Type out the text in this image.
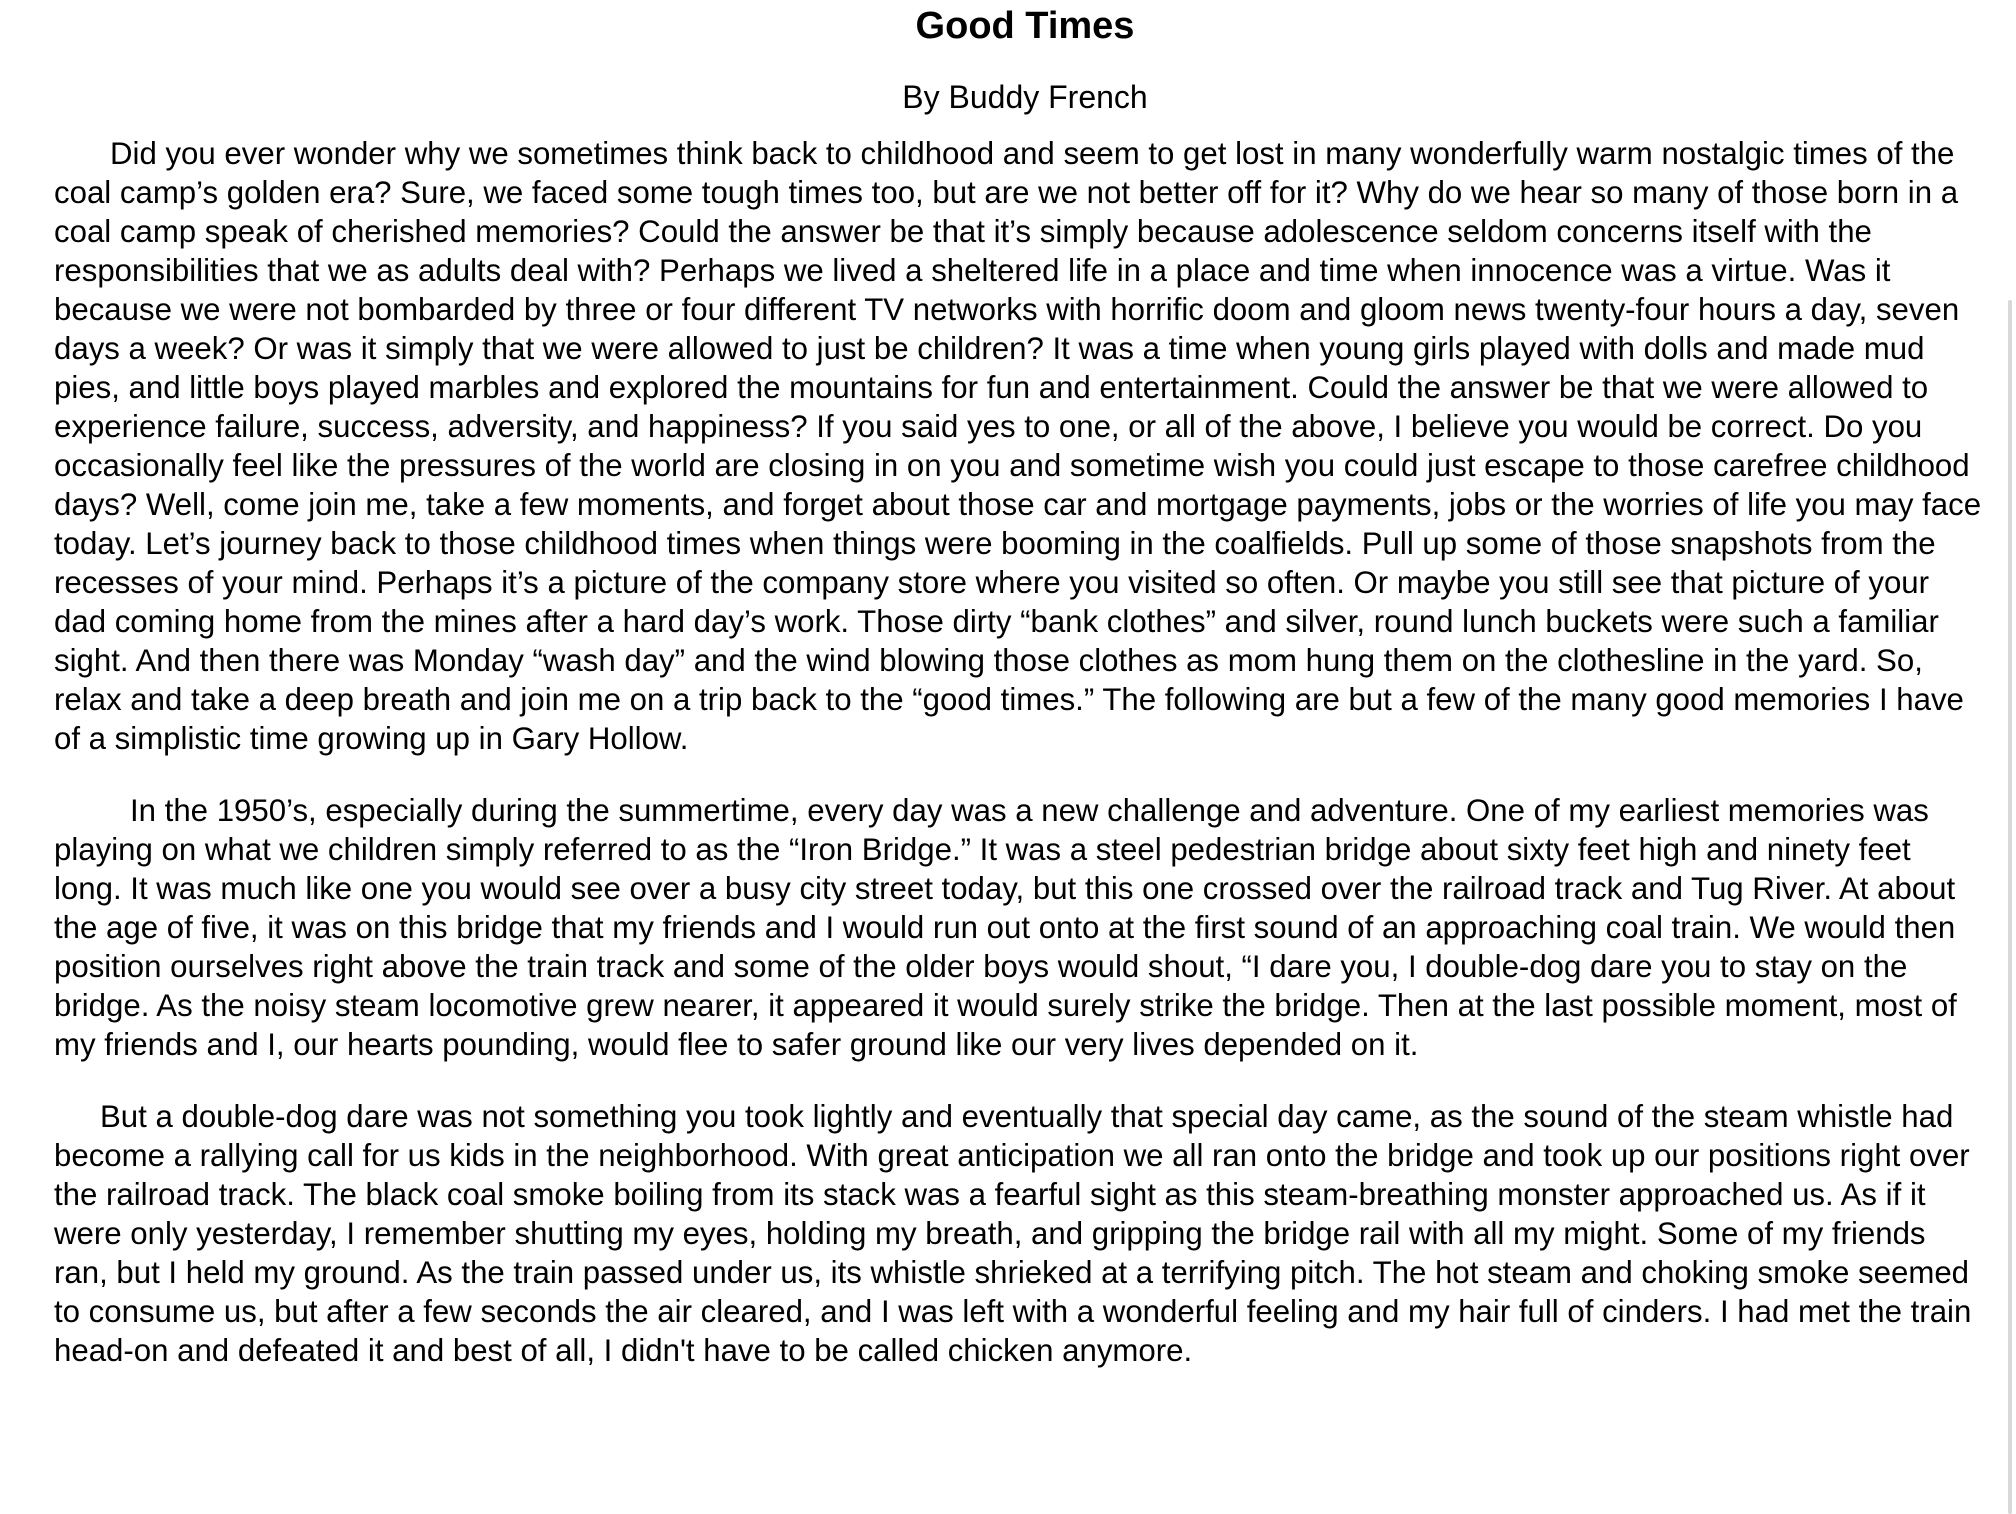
Good Times

By Buddy French

Did you ever wonder why we sometimes think back to childhood and seem to get lost in many wonderfully warm nostalgic times of the coal camp’s golden era? Sure, we faced some tough times too, but are we not better off for it? Why do we hear so many of those born in a coal camp speak of cherished memories? Could the answer be that it’s simply because adolescence seldom concerns itself with the responsibilities that we as adults deal with? Perhaps we lived a sheltered life in a place and time when innocence was a virtue. Was it because we were not bombarded by three or four different TV networks with horrific doom and gloom news twenty-four hours a day, seven days a week? Or was it simply that we were allowed to just be children? It was a time when young girls played with dolls and made mud pies, and little boys played marbles and explored the mountains for fun and entertainment. Could the answer be that we were allowed to experience failure, success, adversity, and happiness? If you said yes to one, or all of the above, I believe you would be correct. Do you occasionally feel like the pressures of the world are closing in on you and sometime wish you could just escape to those carefree childhood days? Well, come join me, take a few moments, and forget about those car and mortgage payments, jobs or the worries of life you may face today. Let’s journey back to those childhood times when things were booming in the coalfields. Pull up some of those snapshots from the recesses of your mind. Perhaps it’s a picture of the company store where you visited so often. Or maybe you still see that picture of your dad coming home from the mines after a hard day’s work. Those dirty “bank clothes” and silver, round lunch buckets were such a familiar sight. And then there was Monday “wash day” and the wind blowing those clothes as mom hung them on the clothesline in the yard. So, relax and take a deep breath and join me on a trip back to the “good times.” The following are but a few of the many good memories I have of a simplistic time growing up in Gary Hollow.

In the 1950’s, especially during the summertime, every day was a new challenge and adventure. One of my earliest memories was playing on what we children simply referred to as the “Iron Bridge.” It was a steel pedestrian bridge about sixty feet high and ninety feet long. It was much like one you would see over a busy city street today, but this one crossed over the railroad track and Tug River. At about the age of five, it was on this bridge that my friends and I would run out onto at the first sound of an approaching coal train. We would then position ourselves right above the train track and some of the older boys would shout, “I dare you, I double-dog dare you to stay on the bridge. As the noisy steam locomotive grew nearer, it appeared it would surely strike the bridge. Then at the last possible moment, most of my friends and I, our hearts pounding, would flee to safer ground like our very lives depended on it.

But a double-dog dare was not something you took lightly and eventually that special day came, as the sound of the steam whistle had become a rallying call for us kids in the neighborhood. With great anticipation we all ran onto the bridge and took up our positions right over the railroad track. The black coal smoke boiling from its stack was a fearful sight as this steam-breathing monster approached us. As if it were only yesterday, I remember shutting my eyes, holding my breath, and gripping the bridge rail with all my might. Some of my friends ran, but I held my ground. As the train passed under us, its whistle shrieked at a terrifying pitch. The hot steam and choking smoke seemed to consume us, but after a few seconds the air cleared, and I was left with a wonderful feeling and my hair full of cinders. I had met the train head-on and defeated it and best of all, I didn't have to be called chicken anymore.
